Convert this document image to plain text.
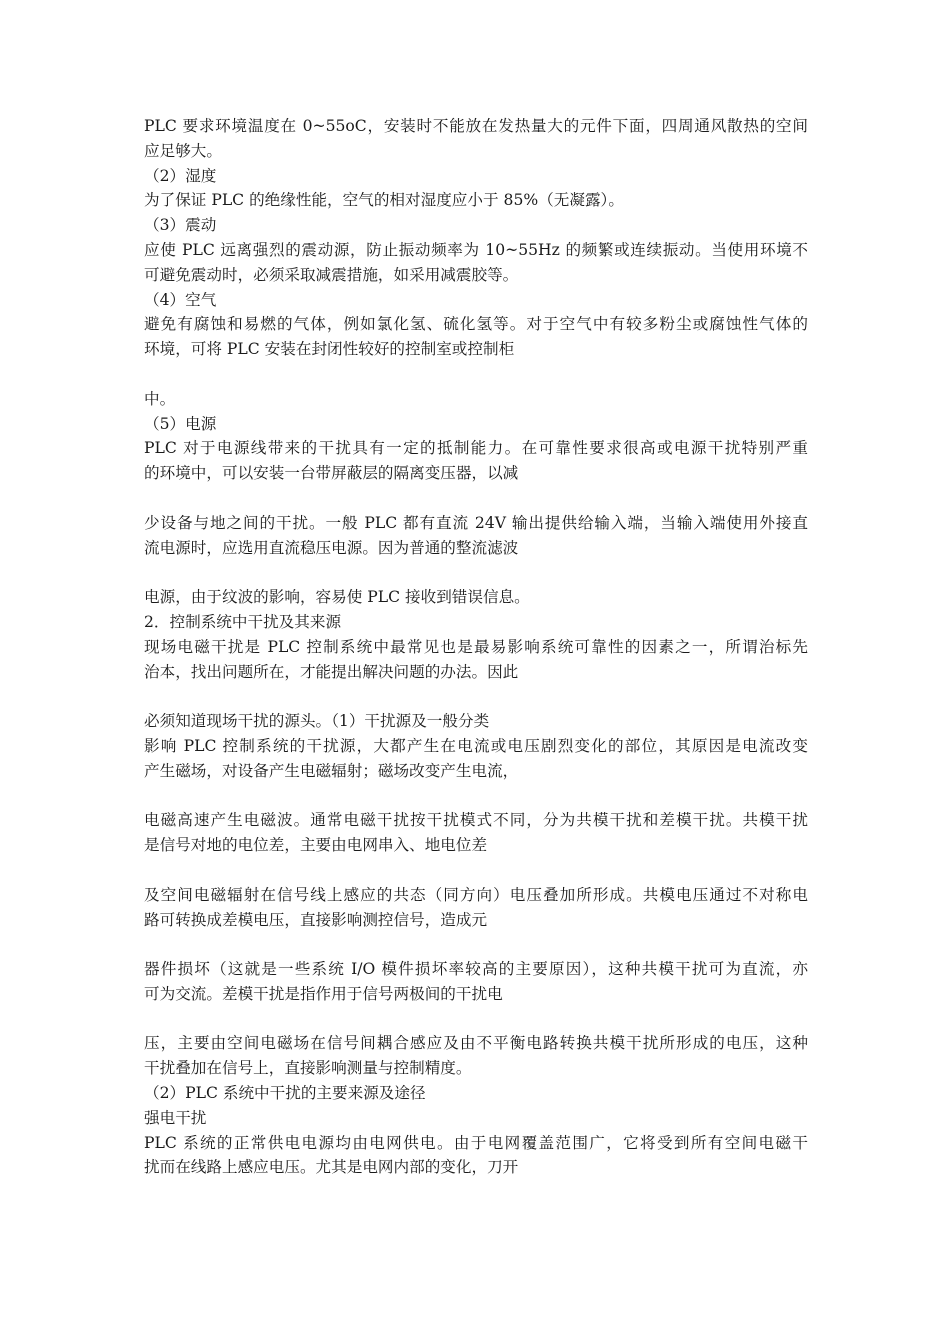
PLC 要求环境温度在 0~55oC，安装时不能放在发热量大的元件下面，四周通风散热的空间
应足够大。
（2）湿度
为了保证 PLC 的绝缘性能，空气的相对湿度应小于 85%（无凝露）。
（3）震动
应使 PLC 远离强烈的震动源，防止振动频率为 10~55Hz 的频繁或连续振动。当使用环境不
可避免震动时，必须采取减震措施，如采用减震胶等。
（4）空气
避免有腐蚀和易燃的气体，例如氯化氢、硫化氢等。对于空气中有较多粉尘或腐蚀性气体的
环境，可将 PLC 安装在封闭性较好的控制室或控制柜
中。
（5）电源
PLC 对于电源线带来的干扰具有一定的抵制能力。在可靠性要求很高或电源干扰特别严重
的环境中，可以安装一台带屏蔽层的隔离变压器，以减
少设备与地之间的干扰。一般 PLC 都有直流 24V 输出提供给输入端，当输入端使用外接直
流电源时，应选用直流稳压电源。因为普通的整流滤波
电源，由于纹波的影响，容易使 PLC 接收到错误信息。
2．控制系统中干扰及其来源
现场电磁干扰是 PLC 控制系统中最常见也是最易影响系统可靠性的因素之一，所谓治标先
治本，找出问题所在，才能提出解决问题的办法。因此
必须知道现场干扰的源头。（1）干扰源及一般分类
影响 PLC 控制系统的干扰源，大都产生在电流或电压剧烈变化的部位，其原因是电流改变
产生磁场，对设备产生电磁辐射；磁场改变产生电流，
电磁高速产生电磁波。通常电磁干扰按干扰模式不同，分为共模干扰和差模干扰。共模干扰
是信号对地的电位差，主要由电网串入、地电位差
及空间电磁辐射在信号线上感应的共态（同方向）电压叠加所形成。共模电压通过不对称电
路可转换成差模电压，直接影响测控信号，造成元
器件损坏（这就是一些系统 I/O 模件损坏率较高的主要原因），这种共模干扰可为直流，亦
可为交流。差模干扰是指作用于信号两极间的干扰电
压，主要由空间电磁场在信号间耦合感应及由不平衡电路转换共模干扰所形成的电压，这种
干扰叠加在信号上，直接影响测量与控制精度。
（2）PLC 系统中干扰的主要来源及途径
强电干扰
PLC 系统的正常供电电源均由电网供电。由于电网覆盖范围广，它将受到所有空间电磁干
扰而在线路上感应电压。尤其是电网内部的变化，刀开
